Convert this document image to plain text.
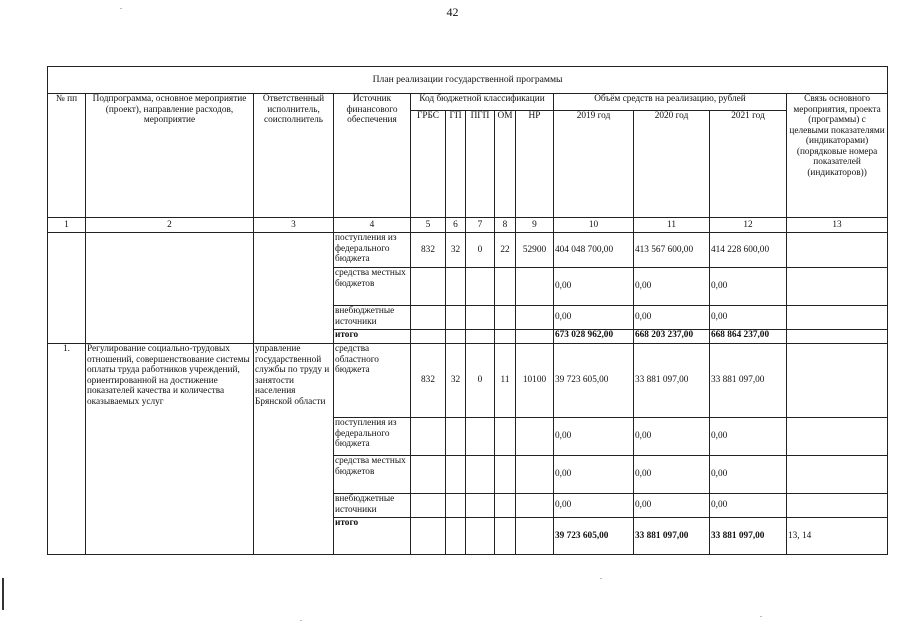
42
План реализации государственной программы												
№ пп	Подпрограмма, основное мероприятие (проект), направление расходов, мероприятие	Ответственный исполнитель, соисполнитель	Источник финансового обеспечения	Код бюджетной классификации					Объём средств на реализацию, рублей			Связь основного мероприятия, проекта (программы) с целевыми показателями (индикаторами) (порядковые номера показателей (индикаторов))
				ГРБС	ГП	ПГП	ОМ	НР	2019 год	2020 год	2021 год	
1	2	3	4	5	6	7	8	9	10	11	12	13
			поступления из федерального бюджета	832	32	0	22	52900	404 048 700,00	413 567 600,00	414 228 600,00	
			средства местных бюджетов						0,00	0,00	0,00	
			внебюджетные источники						0,00	0,00	0,00	
			итого						673 028 962,00	668 203 237,00	668 864 237,00	
1.	Регулирование социально-трудовых отношений, совершенствование системы оплаты труда работников учреждений, ориентированной на достижение показателей качества и количества оказываемых услуг	управление государственной службы по труду и занятости населения Брянской области	средства областного бюджета	832	32	0	11	10100	39 723 605,00	33 881 097,00	33 881 097,00	
			поступления из федерального бюджета						0,00	0,00	0,00	
			средства местных бюджетов						0,00	0,00	0,00	
			внебюджетные источники						0,00	0,00	0,00	
			итого						39 723 605,00	33 881 097,00	33 881 097,00	13, 14
